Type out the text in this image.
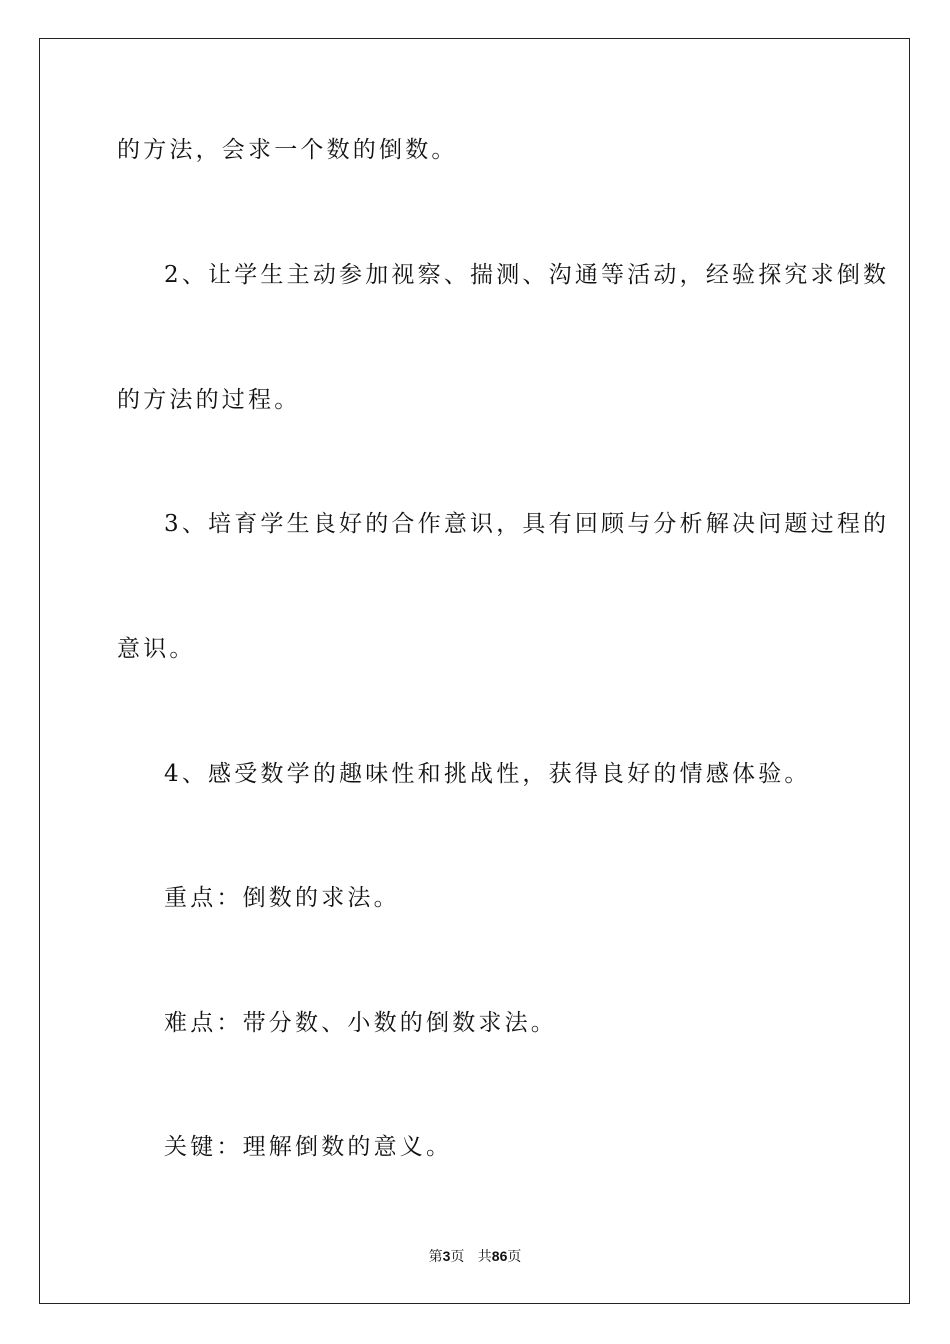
的方法，会求一个数的倒数。
2、让学生主动参加视察、揣测、沟通等活动，经验探究求倒数
的方法的过程。
3、培育学生良好的合作意识，具有回顾与分析解决问题过程的
意识。
4、感受数学的趣味性和挑战性，获得良好的情感体验。
重点：倒数的求法。
难点：带分数、小数的倒数求法。
关键：理解倒数的意义。
第3页 共86页
